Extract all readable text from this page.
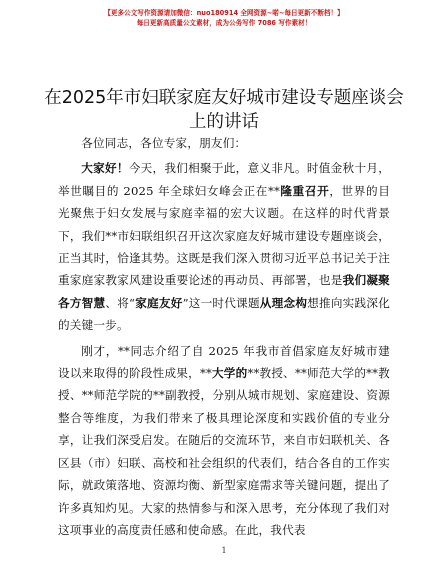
【更多公文写作资源请加微信：nuo180914 全网资源~喏~每日更新不断档！】
每日更新高质量公文素材，成为公务写作 7086 写作素材！
在2025年市妇联家庭友好城市建设专题座谈会上的讲话

各位同志，各位专家，朋友们：

大家好！今天，我们相聚于此，意义非凡。时值金秋十月，举世瞩目的 2025 年全球妇女峰会正在**隆重召开，世界的目光聚焦于妇女发展与家庭幸福的宏大议题。在这样的时代背景下，我们**市妇联组织召开这次家庭友好城市建设专题座谈会，正当其时，恰逢其势。这既是我们深入贯彻习近平总书记关于注重家庭家教家风建设重要论述的再动员、再部署，也是我们凝聚各方智慧、将“家庭友好”这一时代课题从理念构想推向实践深化的关键一步。

刚才，**同志介绍了自 2025 年我市首倡家庭友好城市建设以来取得的阶段性成果，**大学的**教授、**师范大学的**教授、**师范学院的**副教授，分别从城市规划、家庭建设、资源整合等维度，为我们带来了极具理论深度和实践价值的专业分享，让我们深受启发。在随后的交流环节，来自市妇联机关、各区县（市）妇联、高校和社会组织的代表们，结合各自的工作实际，就政策落地、资源均衡、新型家庭需求等关键问题，提出了许多真知灼见。大家的热情参与和深入思考，充分体现了我们对这项事业的高度责任感和使命感。在此，我代表

1
